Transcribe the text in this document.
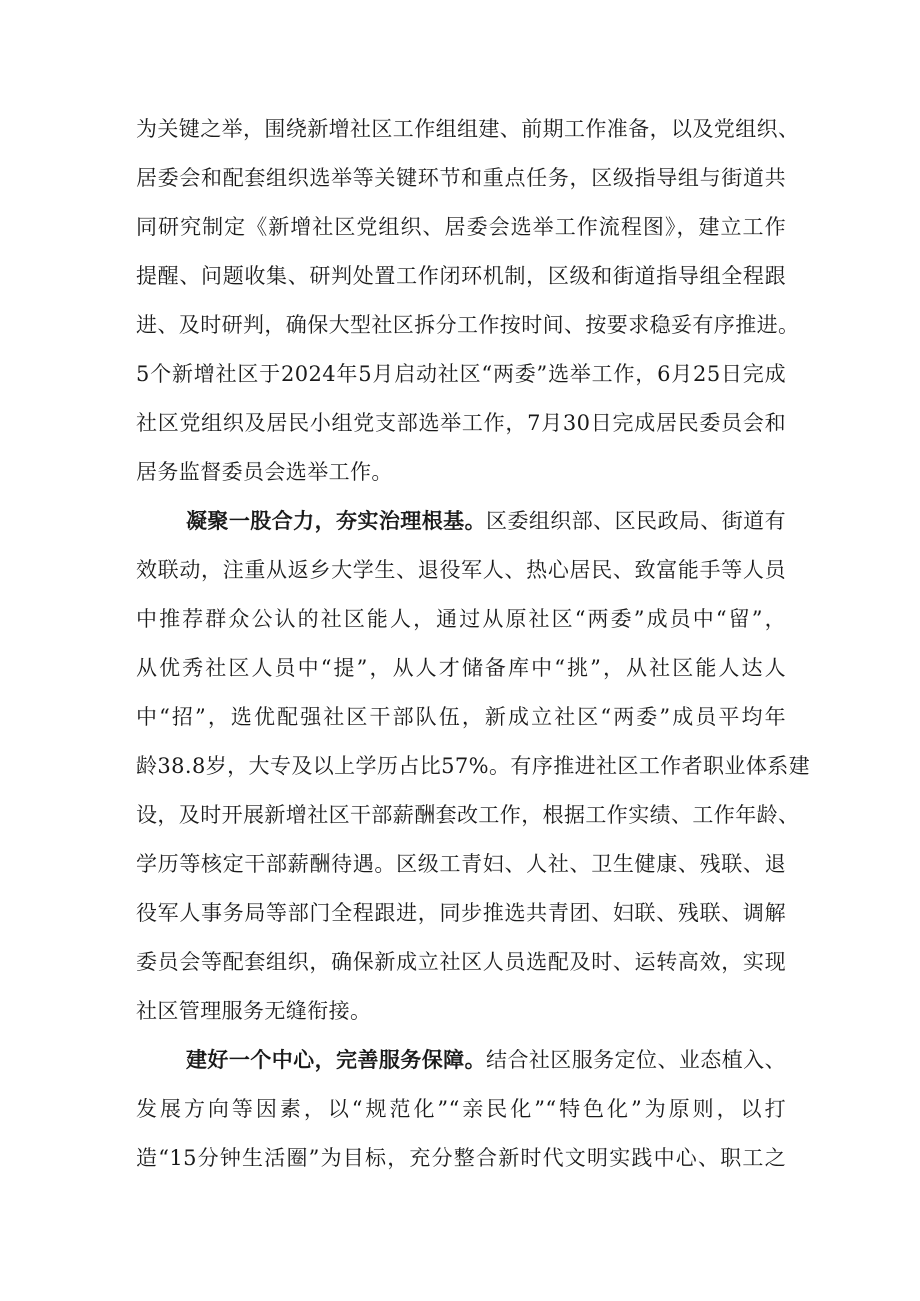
为关键之举，围绕新增社区工作组组建、前期工作准备，以及党组织、
居委会和配套组织选举等关键环节和重点任务，区级指导组与街道共
同研究制定《新增社区党组织、居委会选举工作流程图》，建立工作
提醒、问题收集、研判处置工作闭环机制，区级和街道指导组全程跟
进、及时研判，确保大型社区拆分工作按时间、按要求稳妥有序推进。
5个新增社区于2024年5月启动社区“两委”选举工作，6月25日完成
社区党组织及居民小组党支部选举工作，7月30日完成居民委员会和
居务监督委员会选举工作。
凝聚一股合力，夯实治理根基。区委组织部、区民政局、街道有
效联动，注重从返乡大学生、退役军人、热心居民、致富能手等人员
中推荐群众公认的社区能人，通过从原社区“两委”成员中“留”，
从优秀社区人员中“提”，从人才储备库中“挑”，从社区能人达人
中“招”，选优配强社区干部队伍，新成立社区“两委”成员平均年
龄38.8岁，大专及以上学历占比57%。有序推进社区工作者职业体系建
设，及时开展新增社区干部薪酬套改工作，根据工作实绩、工作年龄、
学历等核定干部薪酬待遇。区级工青妇、人社、卫生健康、残联、退
役军人事务局等部门全程跟进，同步推选共青团、妇联、残联、调解
委员会等配套组织，确保新成立社区人员选配及时、运转高效，实现
社区管理服务无缝衔接。
建好一个中心，完善服务保障。结合社区服务定位、业态植入、
发展方向等因素，以“规范化”“亲民化”“特色化”为原则，以打
造“15分钟生活圈”为目标，充分整合新时代文明实践中心、职工之
